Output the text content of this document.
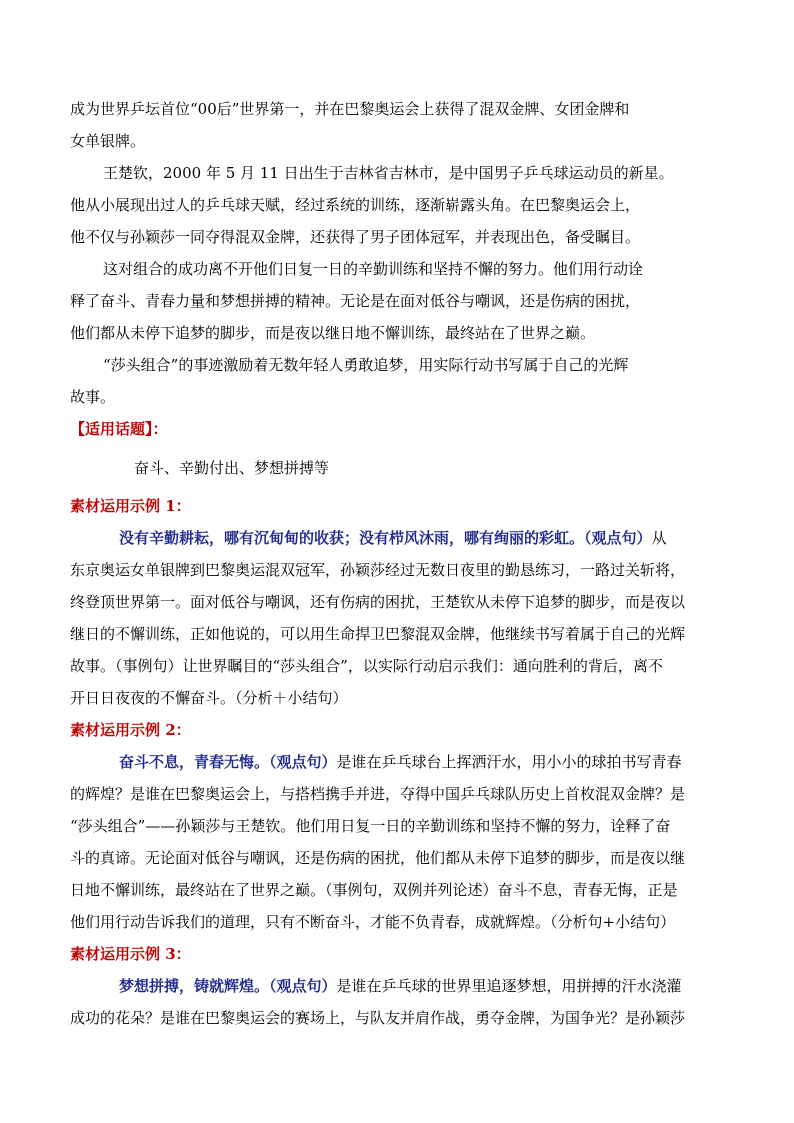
成为世界乒坛首位“00后”世界第一，并在巴黎奥运会上获得了混双金牌、女团金牌和
女单银牌。
王楚钦，2000 年 5 月 11 日出生于吉林省吉林市，是中国男子乒乓球运动员的新星。
他从小展现出过人的乒乓球天赋，经过系统的训练，逐渐崭露头角。在巴黎奥运会上，
他不仅与孙颖莎一同夺得混双金牌，还获得了男子团体冠军，并表现出色，备受瞩目。
这对组合的成功离不开他们日复一日的辛勤训练和坚持不懈的努力。他们用行动诠
释了奋斗、青春力量和梦想拼搏的精神。无论是在面对低谷与嘲讽，还是伤病的困扰，
他们都从未停下追梦的脚步，而是夜以继日地不懈训练，最终站在了世界之巅。
“莎头组合”的事迹激励着无数年轻人勇敢追梦，用实际行动书写属于自己的光辉
故事。
【适用话题】：
奋斗、辛勤付出、梦想拼搏等
素材运用示例 1：
没有辛勤耕耘，哪有沉甸甸的收获；没有栉风沐雨，哪有绚丽的彩虹。（观点句）从
东京奥运女单银牌到巴黎奥运混双冠军，孙颖莎经过无数日夜里的勤恳练习，一路过关斩将，
终登顶世界第一。面对低谷与嘲讽，还有伤病的困扰，王楚钦从未停下追梦的脚步，而是夜以
继日的不懈训练，正如他说的，可以用生命捍卫巴黎混双金牌，他继续书写着属于自己的光辉
故事。（事例句）让世界瞩目的“莎头组合”，以实际行动启示我们：通向胜利的背后，离不
开日日夜夜的不懈奋斗。（分析＋小结句）
素材运用示例 2：
奋斗不息，青春无悔。（观点句）是谁在乒乓球台上挥洒汗水，用小小的球拍书写青春
的辉煌？是谁在巴黎奥运会上，与搭档携手并进，夺得中国乒乓球队历史上首枚混双金牌？是
“莎头组合”——孙颖莎与王楚钦。他们用日复一日的辛勤训练和坚持不懈的努力，诠释了奋
斗的真谛。无论面对低谷与嘲讽，还是伤病的困扰，他们都从未停下追梦的脚步，而是夜以继
日地不懈训练，最终站在了世界之巅。（事例句，双例并列论述）奋斗不息，青春无悔，正是
他们用行动告诉我们的道理，只有不断奋斗，才能不负青春，成就辉煌。（分析句+小结句）
素材运用示例 3：
梦想拼搏，铸就辉煌。（观点句）是谁在乒乓球的世界里追逐梦想，用拼搏的汗水浇灌
成功的花朵？是谁在巴黎奥运会的赛场上，与队友并肩作战，勇夺金牌，为国争光？是孙颖莎
